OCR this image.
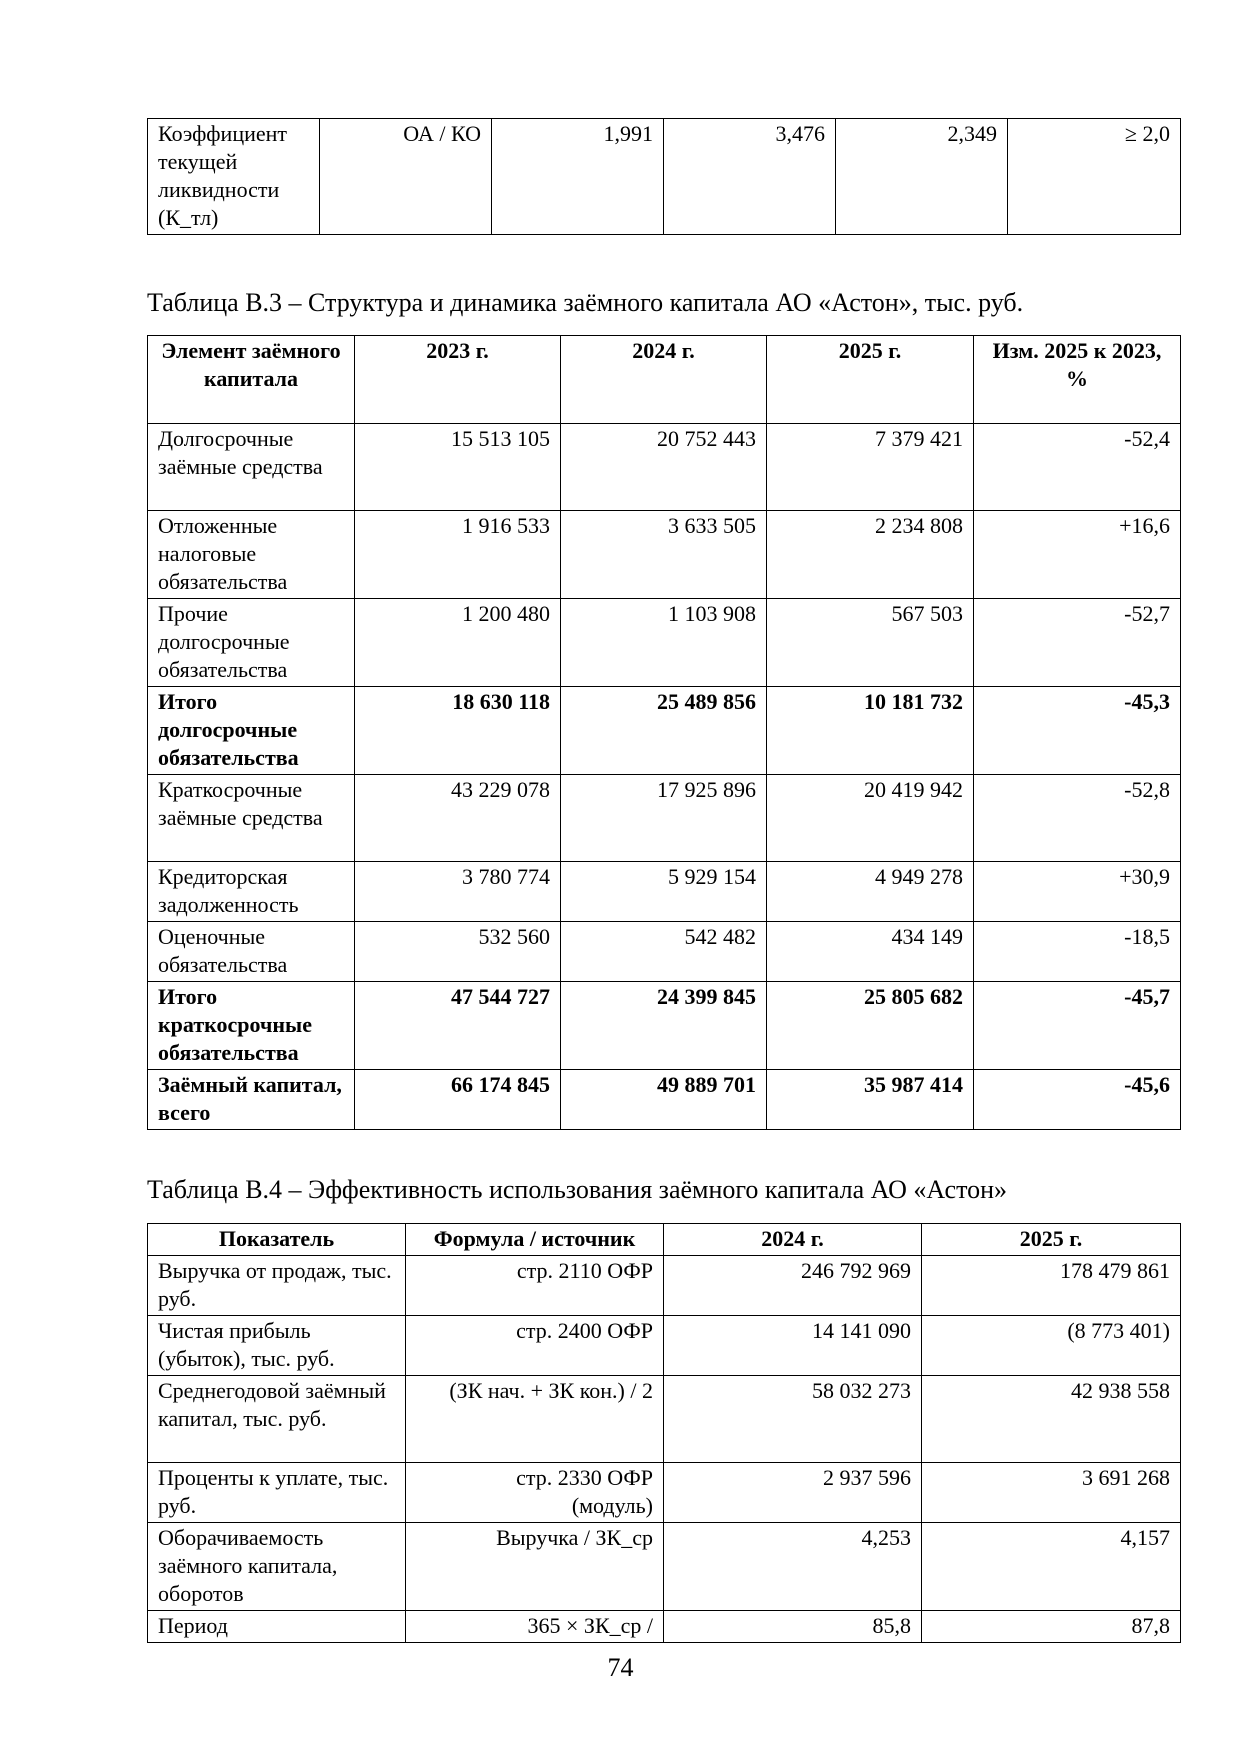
Коэффициент текущей ликвидности (К_тл)	ОА / КО	1,991	3,476	2,349	≥ 2,0
Таблица В.3 – Структура и динамика заёмного капитала АО «Астон», тыс. руб.
Элемент заёмного капитала	2023 г.	2024 г.	2025 г.	Изм. 2025 к 2023, %
Долгосрочные заёмные средства	15 513 105	20 752 443	7 379 421	-52,4
Отложенные налоговые обязательства	1 916 533	3 633 505	2 234 808	+16,6
Прочие долгосрочные обязательства	1 200 480	1 103 908	567 503	-52,7
Итого долгосрочные обязательства	18 630 118	25 489 856	10 181 732	-45,3
Краткосрочные заёмные средства	43 229 078	17 925 896	20 419 942	-52,8
Кредиторская задолженность	3 780 774	5 929 154	4 949 278	+30,9
Оценочные обязательства	532 560	542 482	434 149	-18,5
Итого краткосрочные обязательства	47 544 727	24 399 845	25 805 682	-45,7
Заёмный капитал, всего	66 174 845	49 889 701	35 987 414	-45,6
Таблица В.4 – Эффективность использования заёмного капитала АО «Астон»
Показатель	Формула / источник	2024 г.	2025 г.
Выручка от продаж, тыс. руб.	стр. 2110 ОФР	246 792 969	178 479 861
Чистая прибыль (убыток), тыс. руб.	стр. 2400 ОФР	14 141 090	(8 773 401)
Среднегодовой заёмный капитал, тыс. руб.	(ЗК нач. + ЗК кон.) / 2	58 032 273	42 938 558
Проценты к уплате, тыс. руб.	стр. 2330 ОФР (модуль)	2 937 596	3 691 268
Оборачиваемость заёмного капитала, оборотов	Выручка / ЗК_ср	4,253	4,157
Период	365 × ЗК_ср /	85,8	87,8
74
